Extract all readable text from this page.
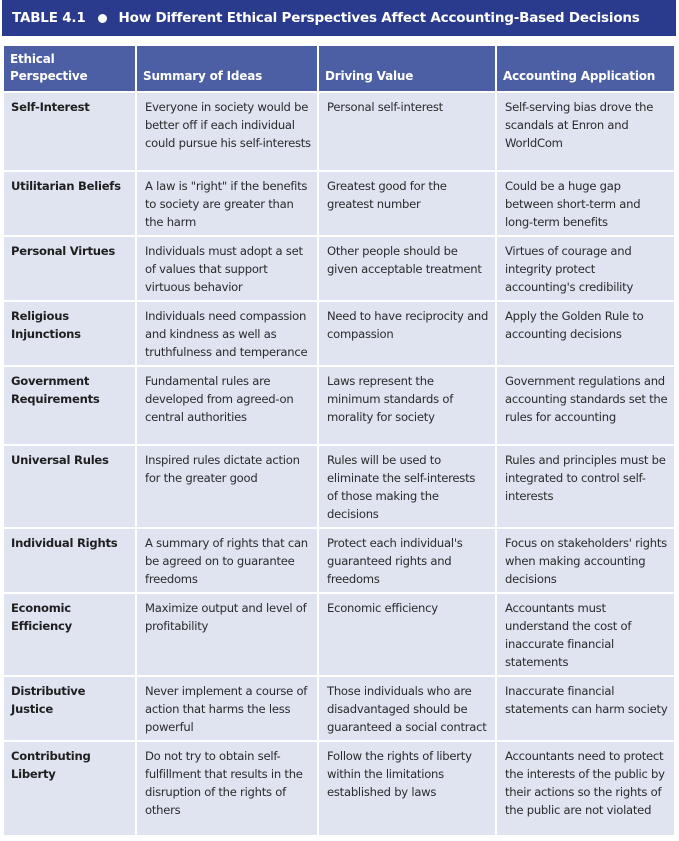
TABLE 4.1 How Different Ethical Perspectives Affect Accounting-Based Decisions
Ethical Perspective	Summary of Ideas	Driving Value	Accounting Application
Self-Interest	Everyone in society would be better off if each individual could pursue his self-interests	Personal self-interest	Self-serving bias drove the scandals at Enron and WorldCom
Utilitarian Beliefs	A law is "right" if the benefits to society are greater than the harm	Greatest good for the greatest number	Could be a huge gap between short-term and long-term benefits
Personal Virtues	Individuals must adopt a set of values that support virtuous behavior	Other people should be given acceptable treatment	Virtues of courage and integrity protect accounting's credibility
Religious Injunctions	Individuals need compassion and kindness as well as truthfulness and temperance	Need to have reciprocity and compassion	Apply the Golden Rule to accounting decisions
Government Requirements	Fundamental rules are developed from agreed-on central authorities	Laws represent the minimum standards of morality for society	Government regulations and accounting standards set the rules for accounting
Universal Rules	Inspired rules dictate action for the greater good	Rules will be used to eliminate the self-interests of those making the decisions	Rules and principles must be integrated to control self-interests
Individual Rights	A summary of rights that can be agreed on to guarantee freedoms	Protect each individual's guaranteed rights and freedoms	Focus on stakeholders' rights when making accounting decisions
Economic Efficiency	Maximize output and level of profitability	Economic efficiency	Accountants must understand the cost of inaccurate financial statements
Distributive Justice	Never implement a course of action that harms the less powerful	Those individuals who are disadvantaged should be guaranteed a social contract	Inaccurate financial statements can harm society
Contributing Liberty	Do not try to obtain self-fulfillment that results in the disruption of the rights of others	Follow the rights of liberty within the limitations established by laws	Accountants need to protect the interests of the public by their actions so the rights of the public are not violated
